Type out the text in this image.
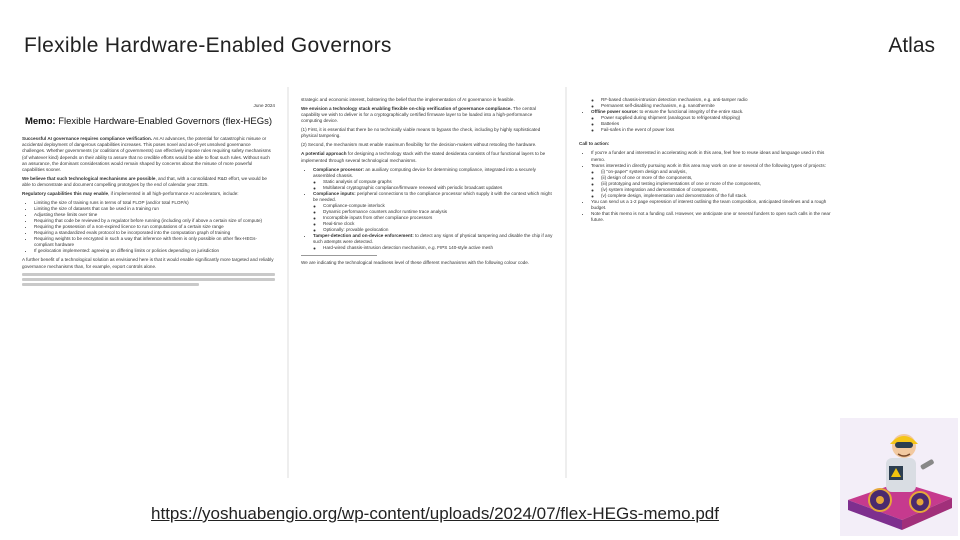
Flexible Hardware-Enabled Governors	Atlas
June 2024
Memo: Flexible Hardware-Enabled Governors (flex-HEGs)

Successful AI governance requires compliance verification. As AI advances, the potential for catastrophic misuse or accidental deployment of dangerous capabilities increases. This poses novel and as-of-yet unsolved governance challenges. Whether governments (or coalitions of governments) can effectively impose rules requiring safety mechanisms (of whatever kind) depends on their ability to assure that no credible efforts would be able to flout such rules. Without such an assurance, the dominant considerations would remain shaped by concerns about the misuse of more powerful capabilities sooner.

We believe that such technological mechanisms are possible, and that, with a consolidated R&D effort, we would be able to demonstrate and document compelling prototypes by the end of calendar year 2025.

Regulatory capabilities this may enable, if implemented in all high-performance AI accelerators, include:

• Limiting the size of training runs in terms of total FLOP (and/or total FLOP/s)
• Limiting the size of datasets that can be used in a training run
• Adjusting these limits over time
• Requiring that code be reviewed by a regulator before running (including only if above a certain size of compute)
• Requiring the possession of a non-expired licence to run computations of a certain size range
• Requiring a standardized evals protocol to be incorporated into the computation graph of training
• Requiring weights to be encrypted in such a way that inference with them is only possible on other flex-HEGs-compliant hardware
• If geolocation implemented: agreeing on differing limits or policies depending on jurisdiction

A further benefit of a technological solution as envisioned here is that it would enable significantly more targeted and reliably governance mechanisms than, for example, export controls alone.

strategic and economic interest, bolstering the belief that the implementation of AI governance is feasible.

We envision a technology stack enabling flexible on-chip verification of governance compliance. The central capability we wish to deliver is for a cryptographically certified firmware layer to be loaded into a high-performance computing device.

(1) First, it is essential that there be no technically viable means to bypass the check, including by highly sophisticated physical tampering.

(2) Second, the mechanism must enable maximum flexibility for the decision-makers without retooling the hardware.

A potential approach for designing a technology stack with the stated desiderata consists of four functional layers to be implemented through several technological mechanisms.

• Compliance processor: an auxiliary computing device for determining compliance, integrated into a securely assembled chassis.
◦ Static analysis of compute graphs
◦ Multilateral cryptographic compliance/firmware renewed with periodic broadcast updates
• Compliance inputs: peripheral connections to the compliance processor which supply it with the context which might be needed.
◦ Compliance-compute interlock
◦ Dynamic performance counters and/or runtime trace analysis
◦ Incorruptible inputs from other compliance processors
◦ Real-time clock
◦ Optionally: provable geolocation
• Tamper-detection and on-device enforcement: to detect any signs of physical tampering and disable the chip if any such attempts were detected.
◦ Hard-wired chassis-intrusion detection mechanism, e.g. FIPS 140-style active mesh

We are indicating the technological readiness level of these different mechanisms with the following colour code.

◦ RF-based chassis-intrusion detection mechanism, e.g. anti-tamper radio
◦ Permanent self-disabling mechanism, e.g. nanothermite
• Offline power source: to ensure the functional integrity of the entire stack.
◦ Power supplied during shipment (analogous to refrigerated shipping)
◦ Batteries
◦ Fail-safes in the event of power loss

Call to action:

• If you're a funder and interested in accelerating work in this area, feel free to reuse ideas and language used in this memo.
• Teams interested in directly pursuing work in this area may work on one or several of the following types of projects:
◦ (i) "on-paper" system design and analysis,
◦ (ii) design of one or more of the components,
◦ (iii) prototyping and testing implementations of one or more of the components,
◦ (iv) system integration and demonstration of components,
◦ (v) complete design, implementation and demonstration of the full stack.
• You can send us a 1-2 page expression of interest outlining the team composition, anticipated timelines and a rough budget.
• Note that this memo is not a funding call. However, we anticipate one or several funders to open such calls in the near future.
https://yoshuabengio.org/wp-content/uploads/2024/07/flex-HEGs-memo.pdf
